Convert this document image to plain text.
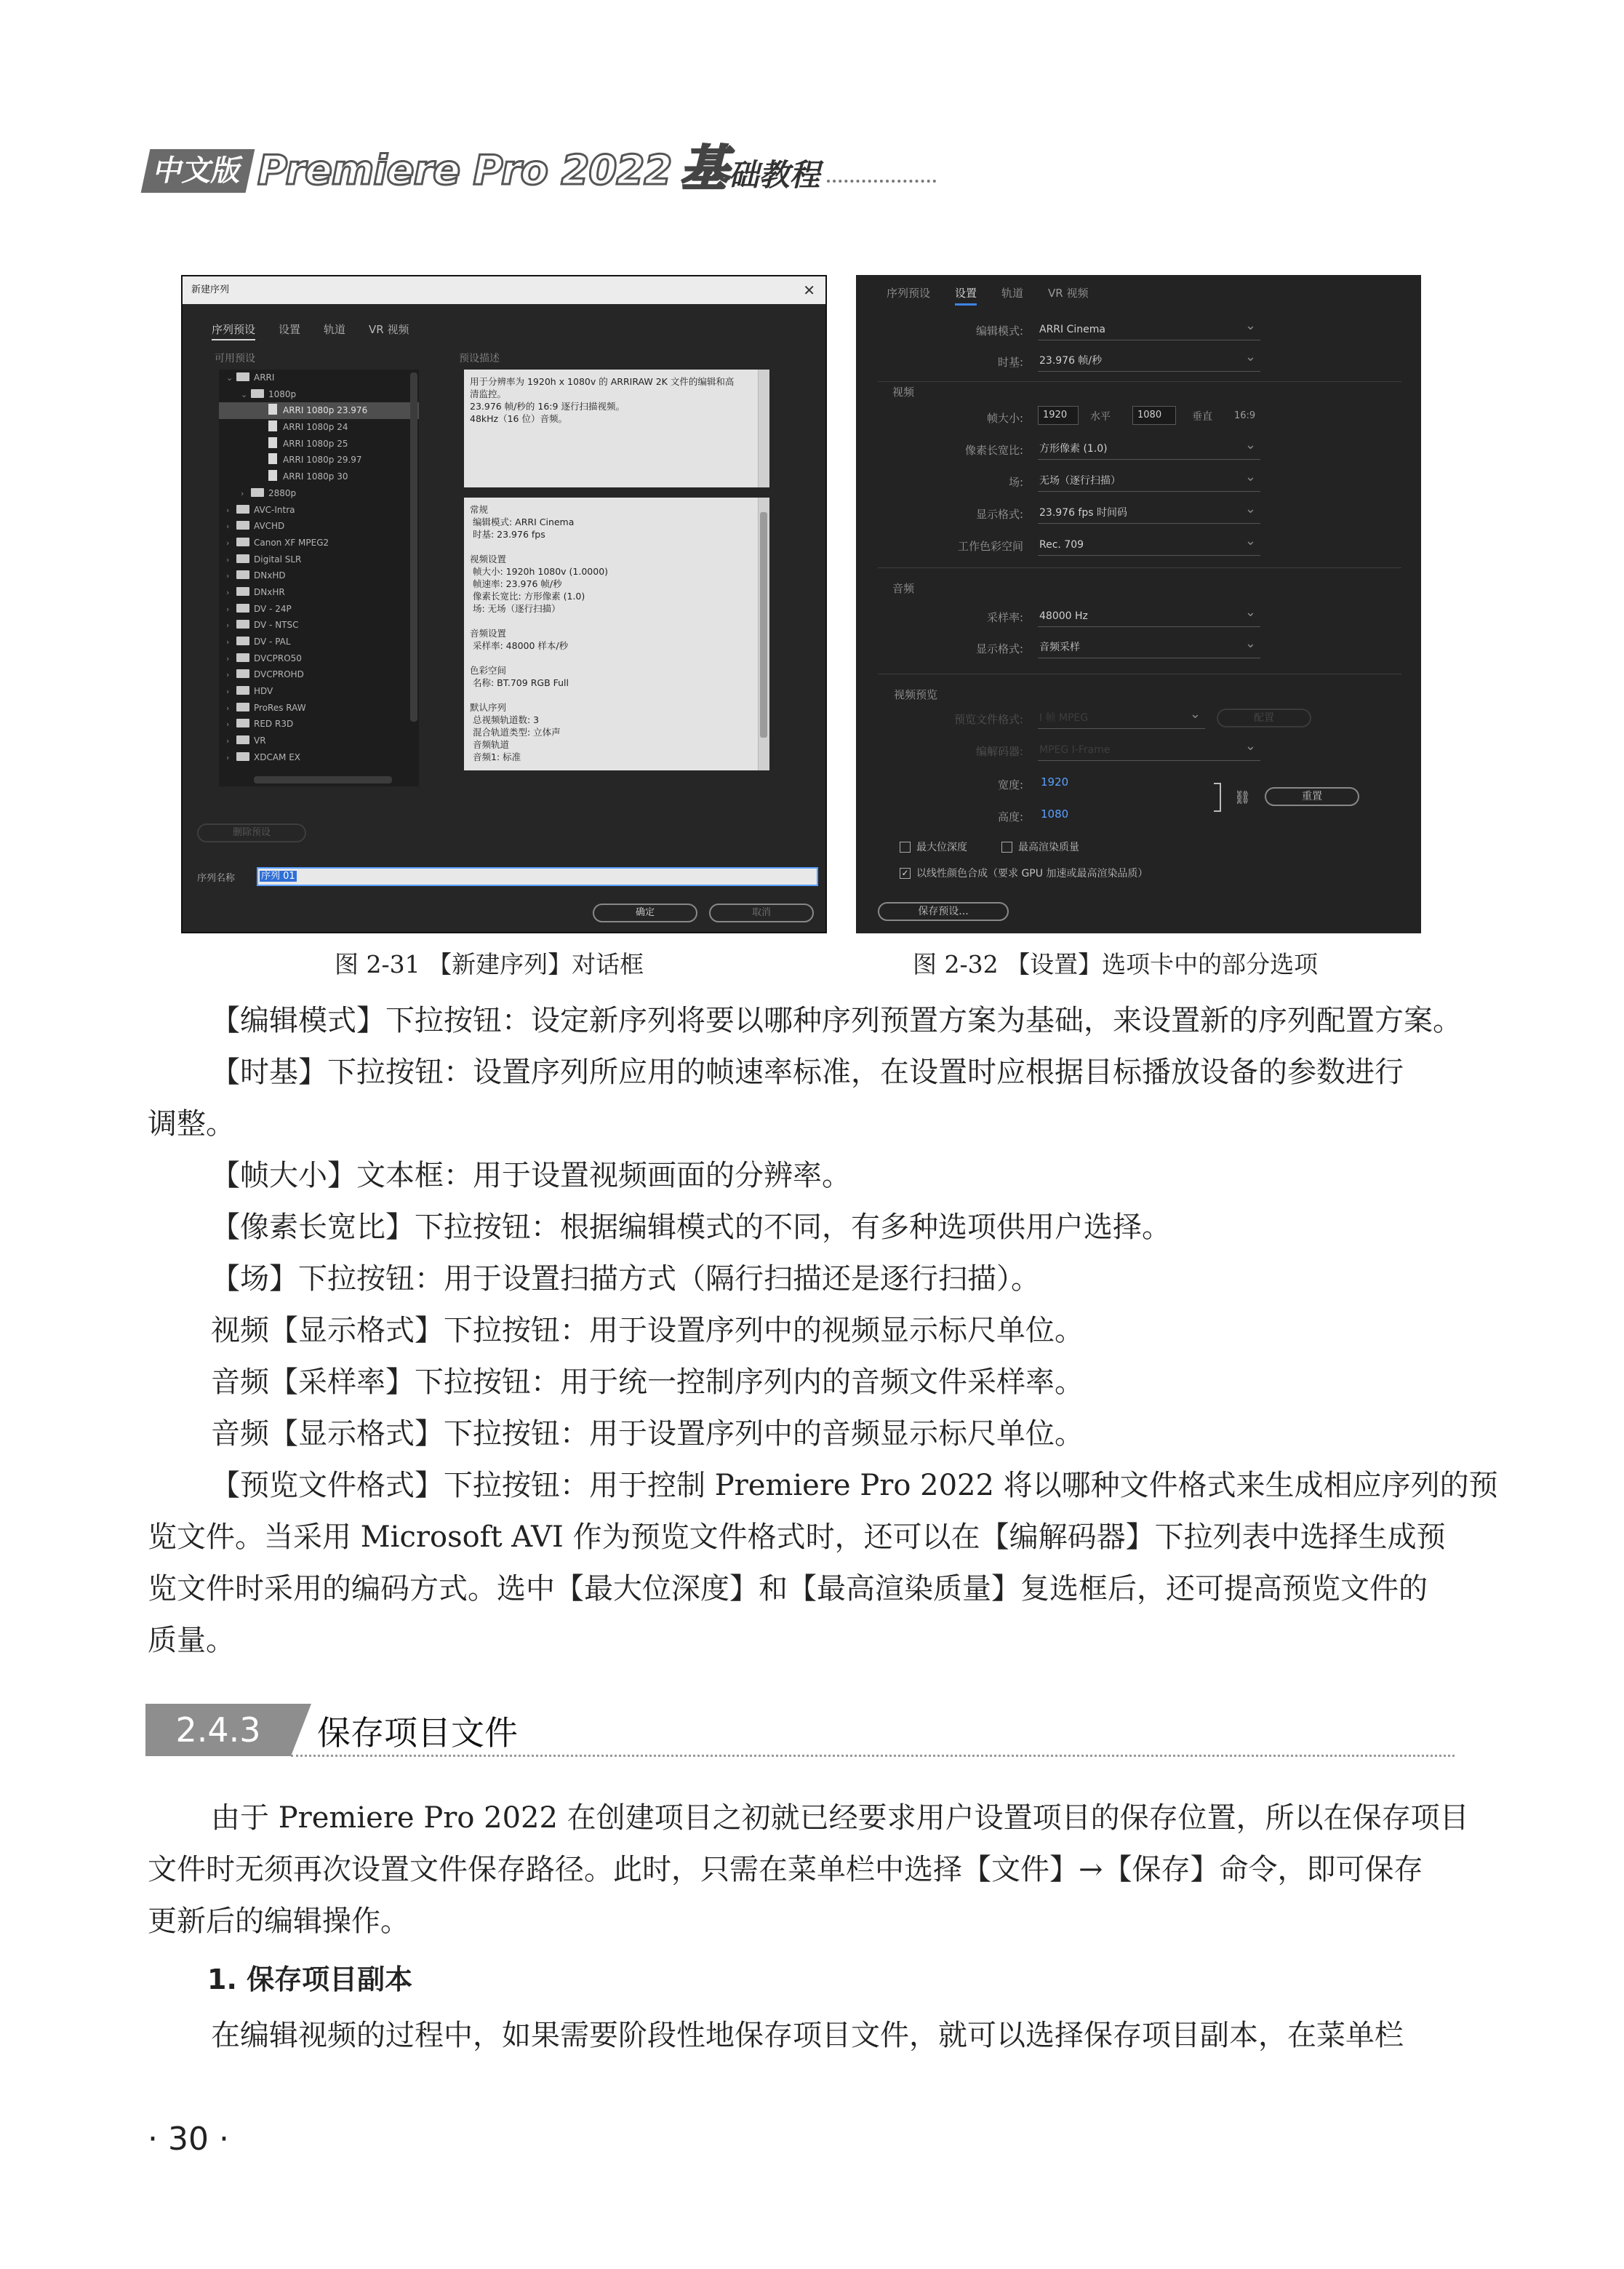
中文版 Premiere Pro 2022 基 础教程
新建序列	✕
序列预设 设置 轨道 VR 视频
可用预设	预设描述
⌄ ARRI
⌄ 1080p
ARRI 1080p 23.976
ARRI 1080p 24
ARRI 1080p 25
ARRI 1080p 29.97
ARRI 1080p 30
›	2880p
›	AVC-Intra
›	AVCHD
›	Canon XF MPEG2
›	Digital SLR
›	DNxHD
›	DNxHR
›	DV - 24P
›	DV - NTSC
›	DV - PAL
›	DVCPRO50
›	DVCPROHD
›	HDV
›	ProRes RAW
›	RED R3D
›	VR
›	XDCAM EX

用于分辨率为 1920h x 1080v 的 ARRIRAW 2K 文件的编辑和高
清监控。
23.976 帧/秒的 16:9 逐行扫描视频。
48kHz（16 位）音频。

常规
编辑模式: ARRI Cinema
时基: 23.976 fps

视频设置
帧大小: 1920h 1080v (1.0000)
帧速率: 23.976 帧/秒
像素长宽比: 方形像素 (1.0)
场: 无场（逐行扫描）

音频设置
采样率: 48000 样本/秒

色彩空间
名称: BT.709 RGB Full

默认序列
总视频轨道数: 3
混合轨道类型: 立体声
音频轨道
音频1: 标准

删除预设
序列名称	序列 01
确定	取消
序列预设 设置 轨道 VR 视频
编辑模式: ARRI Cinema ⌄
时基: 23.976 帧/秒 ⌄
视频
帧大小:	1920	水平	1080	垂直 16:9
像素长宽比: 方形像素 (1.0) ⌄
场: 无场（逐行扫描） ⌄
显示格式: 23.976 fps 时间码 ⌄
工作色彩空间 Rec. 709 ⌄
音频
采样率: 48000 Hz ⌄
显示格式: 音频采样 ⌄
视频预览
预览文件格式: I 帧 MPEG ⌄	配置
编解码器: MPEG I-Frame ⌄
宽度: 1920
高度: 1080
⛓	重置
最大位深度	最高渲染质量
✓ 以线性颜色合成（要求 GPU 加速或最高渲染品质）
保存预设...
图 2-31 【新建序列】对话框	图 2-32 【设置】选项卡中的部分选项
【编辑模式】下拉按钮：设定新序列将要以哪种序列预置方案为基础，来设置新的序列配置方案。
【时基】下拉按钮：设置序列所应用的帧速率标准，在设置时应根据目标播放设备的参数进行
调整。
【帧大小】文本框：用于设置视频画面的分辨率。
【像素长宽比】下拉按钮：根据编辑模式的不同，有多种选项供用户选择。
【场】下拉按钮：用于设置扫描方式（隔行扫描还是逐行扫描）。
视频【显示格式】下拉按钮：用于设置序列中的视频显示标尺单位。
音频【采样率】下拉按钮：用于统一控制序列内的音频文件采样率。
音频【显示格式】下拉按钮：用于设置序列中的音频显示标尺单位。
【预览文件格式】下拉按钮：用于控制 Premiere Pro 2022 将以哪种文件格式来生成相应序列的预
览文件。当采用 Microsoft AVI 作为预览文件格式时，还可以在【编解码器】下拉列表中选择生成预
览文件时采用的编码方式。选中【最大位深度】和【最高渲染质量】复选框后，还可提高预览文件的
质量。
2.4.3	保存项目文件
由于 Premiere Pro 2022 在创建项目之初就已经要求用户设置项目的保存位置，所以在保存项目
文件时无须再次设置文件保存路径。此时，只需在菜单栏中选择【文件】→【保存】命令，即可保存
更新后的编辑操作。
1. 保存项目副本
在编辑视频的过程中，如果需要阶段性地保存项目文件，就可以选择保存项目副本，在菜单栏
· 30 ·
